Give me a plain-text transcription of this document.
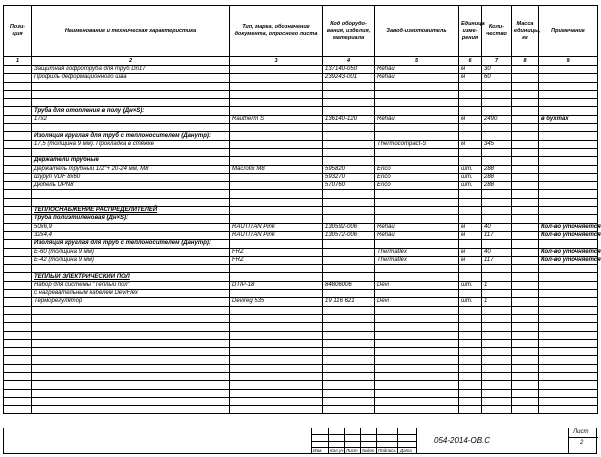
Пози-ция	Наименование и техническая характеристика	Тип, марка, обозначение документа, опросного листа	Код оборудо-вания, изделия, материала	Завод-изготовитель	Единица изме-рения	Коли-чество	Масса единицы, кг	Примечание
1	2	3	4	5	6	7	8	9
	Защитная гофротруба для труб Dn17		137140-050	Rehau	м	30		
	Профиль деформационного шва		239243-001	Rehau	м	60		

	Труба для отопления в полу (Дн×S):							
	17x2	Rautherm S	136140-120	Rehau	м	2490		в бухтах

	Изоляция круглая для труб с теплоносителем (Данутр):							
	17,5 (толщина 9 мм). Прокладка в стяжке			Thermocompact-S	м	345		

	Держатели трубные							
	Держатель трубный 1/2"+ 20-24 мм, М8	Macrofix M8	595820	Erico	шт.	288		
	Шуруп VDF 8x60		593270	Erico	шт.	288		
	Дюбель UPN8		570760	Erico	шт.	288		

	ТЕПЛОСНАБЖЕНИЕ РАСПРЕДЕЛИТЕЛЕЙ							
	Труба полиэтиленовая (Дн×S):							
	50x6,9	RAUTITAN Pink	130592-006	Rehau	м	40		Кол-во уточняется
	32x4,4	RAUTITAN Pink	130572-006	Rehau	м	117		Кол-во уточняется
	Изоляция круглая для труб с теплоносителем (Данутр):							
	E-60 (толщина 9 мм)	FRZ		Thermaflex	м	40		Кол-во уточняется
	E-42 (толщина 9 мм)	FRZ		Thermaflex	м	117		Кол-во уточняется

	ТЕПЛЫЙ ЭЛЕКТРИЧЕСКИЙ ПОЛ							
	Набор для системы "Теплый пол"	DTIP-18	84806006	Devi	шт.	1		
	с нагревательным кабелем DeviFlex							
	Терморегулятор	Devireg 535	19 116 621	Devi	шт.	1		

Изм. Кол.уч Лист №док Подпись Дата
054-2014-ОВ.С
Лист
2
